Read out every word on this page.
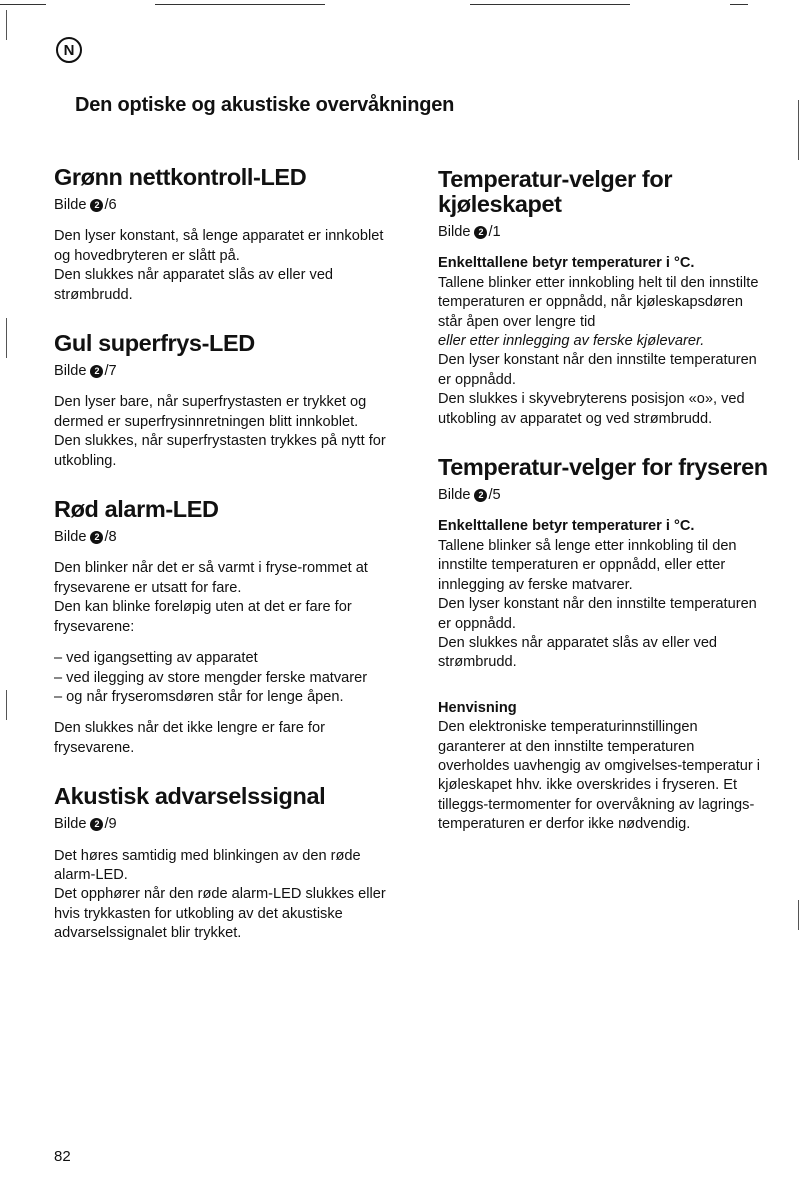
N
Den optiske og akustiske overvåkningen
Grønn nettkontroll-LED
Bilde 2 /6

Den lyser konstant, så lenge apparatet er innkoblet og hovedbryteren er slått på.

Den slukkes når apparatet slås av eller ved strømbrudd.

Gul superfrys-LED
Bilde 2 /7

Den lyser bare, når superfrystasten er trykket og dermed er superfrysinnretningen blitt innkoblet.

Den slukkes, når superfrystasten trykkes på nytt for utkobling.

Rød alarm-LED
Bilde 2 /8

Den blinker når det er så varmt i fryse-rommet at frysevarene er utsatt for fare.

Den kan blinke foreløpig uten at det er fare for frysevarene:

– ved igangsetting av apparatet
– ved ilegging av store mengder ferske matvarer
– og når fryseromsdøren står for lenge åpen.

Den slukkes når det ikke lengre er fare for frysevarene.

Akustisk advarselssignal
Bilde 2 /9

Det høres samtidig med blinkingen av den røde alarm-LED.

Det opphører når den røde alarm-LED slukkes eller hvis trykkasten for utkobling av det akustiske advarselssignalet blir trykket.

Temperatur-velger for kjøleskapet
Bilde 2 /1

Enkelttallene betyr temperaturer i °C.

Tallene blinker etter innkobling helt til den innstilte temperaturen er oppnådd, når kjøleskapsdøren står åpen over lengre tid

eller etter innlegging av ferske kjølevarer.

Den lyser konstant når den innstilte temperaturen er oppnådd.

Den slukkes i skyvebryterens posisjon «o», ved utkobling av apparatet og ved strømbrudd.

Temperatur-velger for fryseren
Bilde 2 /5

Enkelttallene betyr temperaturer i °C.

Tallene blinker så lenge etter innkobling til den innstilte temperaturen er oppnådd, eller etter innlegging av ferske matvarer.

Den lyser konstant når den innstilte temperaturen er oppnådd.

Den slukkes når apparatet slås av eller ved strømbrudd.

Henvisning

Den elektroniske temperaturinnstillingen garanterer at den innstilte temperaturen overholdes uavhengig av omgivelses-temperatur i kjøleskapet hhv. ikke overskrides i fryseren. Et tilleggs-termomenter for overvåkning av lagrings-temperaturen er derfor ikke nødvendig.

82
